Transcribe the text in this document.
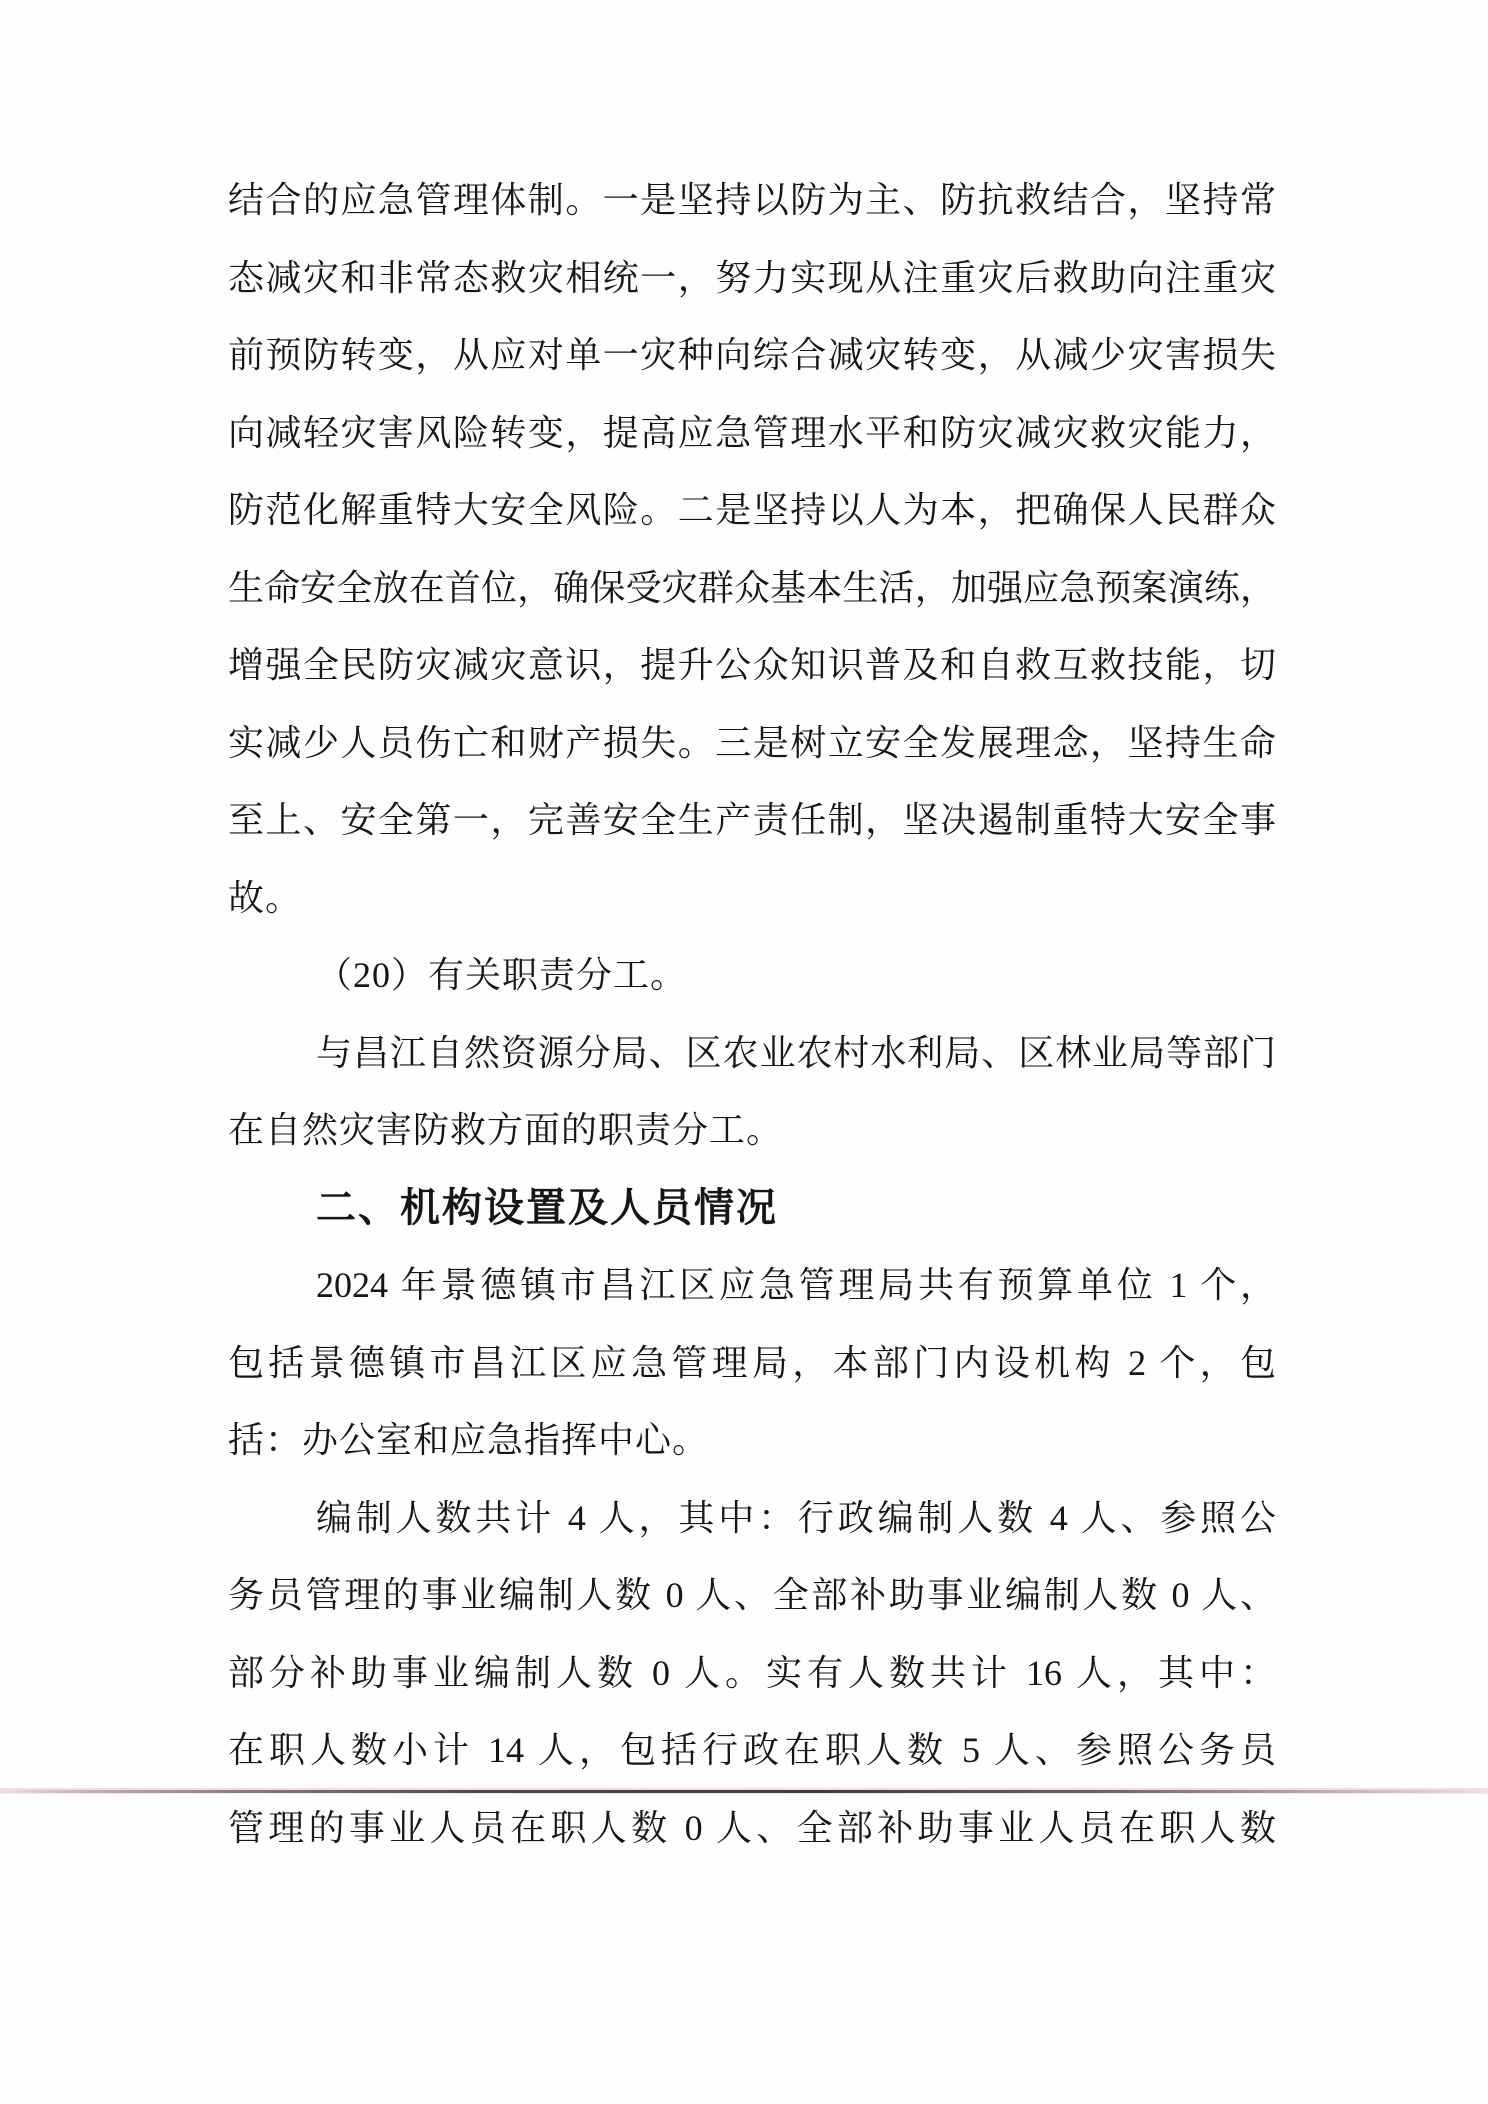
结合的应急管理体制。一是坚持以防为主、防抗救结合，坚持常
态减灾和非常态救灾相统一，努力实现从注重灾后救助向注重灾
前预防转变，从应对单一灾种向综合减灾转变，从减少灾害损失
向减轻灾害风险转变，提高应急管理水平和防灾减灾救灾能力，
防范化解重特大安全风险。二是坚持以人为本，把确保人民群众
生命安全放在首位，确保受灾群众基本生活，加强应急预案演练，
增强全民防灾减灾意识，提升公众知识普及和自救互救技能，切
实减少人员伤亡和财产损失。三是树立安全发展理念，坚持生命
至上、安全第一，完善安全生产责任制，坚决遏制重特大安全事
故。
（20）有关职责分工。
与昌江自然资源分局、区农业农村水利局、区林业局等部门
在自然灾害防救方面的职责分工。
二、机构设置及人员情况
2024 年景德镇市昌江区应急管理局共有预算单位 1 个，
包括景德镇市昌江区应急管理局，本部门内设机构 2 个，包
括：办公室和应急指挥中心。
编制人数共计 4 人，其中：行政编制人数 4 人、参照公
务员管理的事业编制人数 0 人、全部补助事业编制人数 0 人、
部分补助事业编制人数 0 人。实有人数共计 16 人，其中：
在职人数小计 14 人，包括行政在职人数 5 人、参照公务员
管理的事业人员在职人数 0 人、全部补助事业人员在职人数
